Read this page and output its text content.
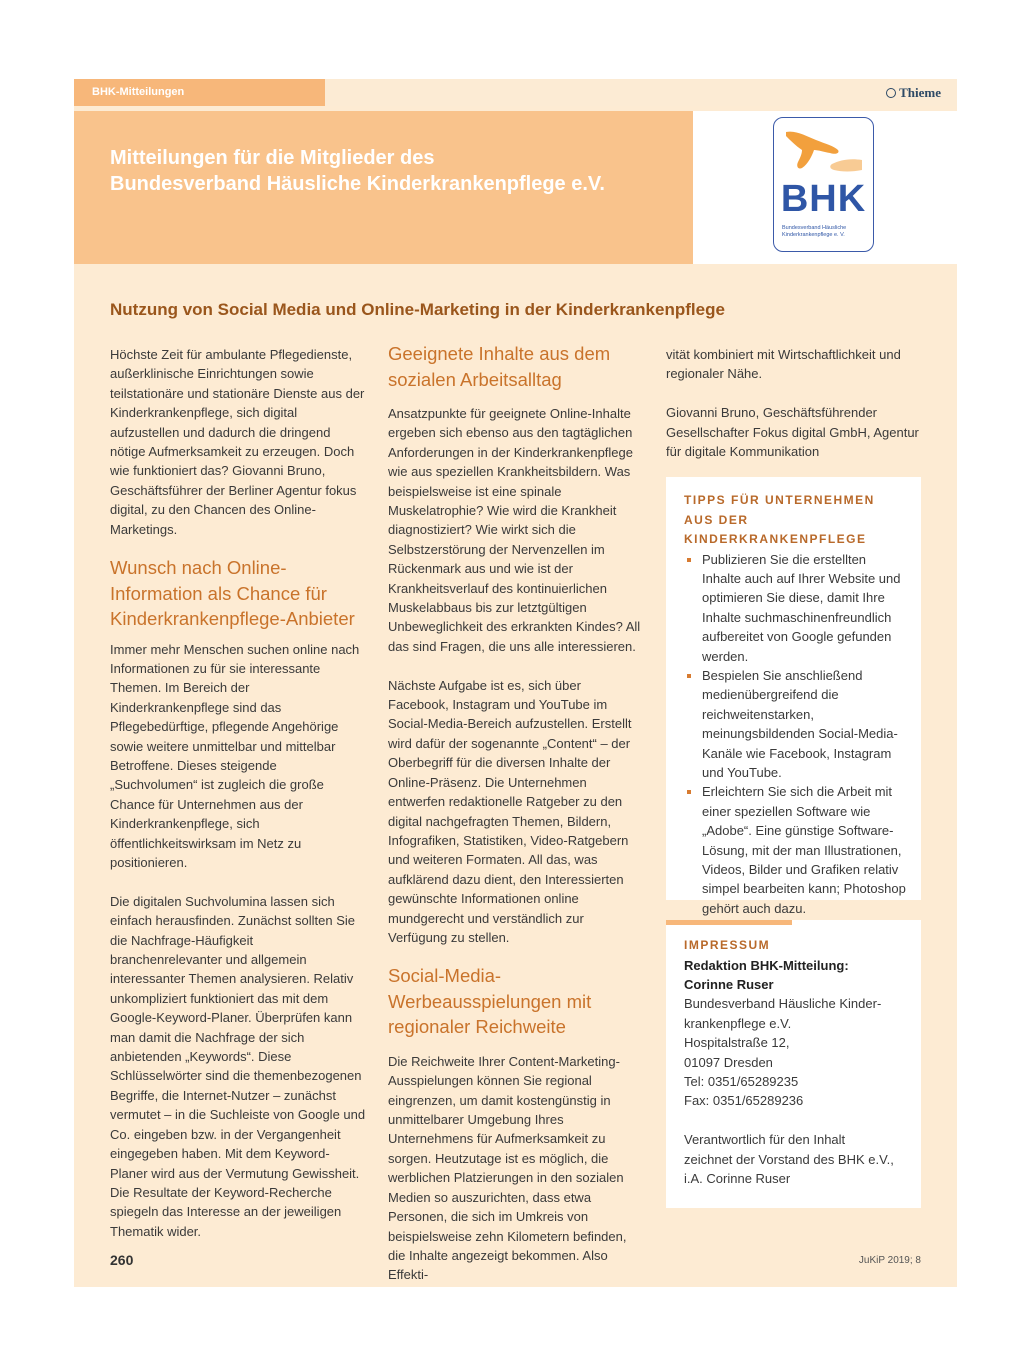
BHK-Mitteilungen	Thieme
Mitteilungen für die Mitglieder des
Bundesverband Häusliche Kinderkrankenpflege e.V.	BHK
Bundesverband Häusliche
Kinderkrankenpflege e. V.
Nutzung von Social Media und Online-Marketing in der Kinderkrankenpflege

Höchste Zeit für ambulante Pflegedienste, außerklinische Einrichtungen sowie teilstationäre und stationäre Dienste aus der Kinderkrankenpflege, sich digital aufzustellen und dadurch die dringend nötige Aufmerksamkeit zu erzeugen. Doch wie funktioniert das? Giovanni Bruno, Geschäftsführer der Berliner Agentur fokus digital, zu den Chancen des Online-Marketings.

Wunsch nach Online-Information als Chance für Kinderkrankenpflege-Anbieter

Immer mehr Menschen suchen online nach Informationen zu für sie interessante Themen. Im Bereich der Kinderkrankenpflege sind das Pflegebedürftige, pflegende Angehörige sowie weitere unmittelbar und mittelbar Betroffene. Dieses steigende „Suchvolumen“ ist zugleich die große Chance für Unternehmen aus der Kinderkrankenpflege, sich öffentlichkeitswirksam im Netz zu positionieren.

Die digitalen Suchvolumina lassen sich einfach herausfinden. Zunächst sollten Sie die Nachfrage-Häufigkeit branchenrelevanter und allgemein interessanter Themen analysieren. Relativ unkompliziert funktioniert das mit dem Google-Keyword-Planer. Überprüfen kann man damit die Nachfrage der sich anbietenden „Keywords“. Diese Schlüsselwörter sind die themenbezogenen Begriffe, die Internet-Nutzer – zunächst vermutet – in die Suchleiste von Google und Co. eingeben bzw. in der Vergangenheit eingegeben haben. Mit dem Keyword-Planer wird aus der Vermutung Gewissheit. Die Resultate der Keyword-Recherche spiegeln das Interesse an der jeweiligen Thematik wider.

Geeignete Inhalte aus dem sozialen Arbeitsalltag

Ansatzpunkte für geeignete Online-Inhalte ergeben sich ebenso aus den tagtäglichen Anforderungen in der Kinderkrankenpflege wie aus speziellen Krankheitsbildern. Was beispielsweise ist eine spinale Muskelatrophie? Wie wird die Krankheit diagnostiziert? Wie wirkt sich die Selbstzerstörung der Nervenzellen im Rückenmark aus und wie ist der Krankheitsverlauf des kontinuierlichen Muskelabbaus bis zur letztgültigen Unbeweglichkeit des erkrankten Kindes? All das sind Fragen, die uns alle interessieren.

Nächste Aufgabe ist es, sich über Facebook, Instagram und YouTube im Social-Media-Bereich aufzustellen. Erstellt wird dafür der sogenannte „Content“ – der Oberbegriff für die diversen Inhalte der Online-Präsenz. Die Unternehmen entwerfen redaktionelle Ratgeber zu den digital nachgefragten Themen, Bildern, Infografiken, Statistiken, Video-Ratgebern und weiteren Formaten. All das, was aufklärend dazu dient, den Interessierten gewünschte Informationen online mundgerecht und verständlich zur Verfügung zu stellen.

Social-Media-Werbeausspielungen mit regionaler Reichweite

Die Reichweite Ihrer Content-Marketing-Ausspielungen können Sie regional eingrenzen, um damit kostengünstig in unmittelbarer Umgebung Ihres Unternehmens für Aufmerksamkeit zu sorgen. Heutzutage ist es möglich, die werblichen Platzierungen in den sozialen Medien so auszurichten, dass etwa Personen, die sich im Umkreis von beispielsweise zehn Kilometern befinden, die Inhalte angezeigt bekommen. Also Effekti-

vität kombiniert mit Wirtschaftlichkeit und regionaler Nähe.

Giovanni Bruno, Geschäftsführender Gesellschafter Fokus digital GmbH, Agentur für digitale Kommunikation

TIPPS FÜR UNTERNEHMEN AUS DER KINDERKRANKENPFLEGE
Publizieren Sie die erstellten Inhalte auch auf Ihrer Website und optimieren Sie diese, damit Ihre Inhalte suchmaschinenfreundlich aufbereitet von Google gefunden werden.
Bespielen Sie anschließend medienübergreifend die reichweitenstarken, meinungsbildenden Social-Media-Kanäle wie Facebook, Instagram und YouTube.
Erleichtern Sie sich die Arbeit mit einer speziellen Software wie „Adobe“. Eine günstige Software-Lösung, mit der man Illustrationen, Videos, Bilder und Grafiken relativ simpel bearbeiten kann; Photoshop gehört auch dazu.
IMPRESSUM
Redaktion BHK-Mitteilung:
Corinne Ruser
Bundesverband Häusliche Kinder-
krankenpflege e.V.
Hospitalstraße 12,
01097 Dresden
Tel: 0351/65289235
Fax: 0351/65289236
Verantwortlich für den Inhalt
zeichnet der Vorstand des BHK e.V.,
i.A. Corinne Ruser
260	JuKiP 2019; 8
